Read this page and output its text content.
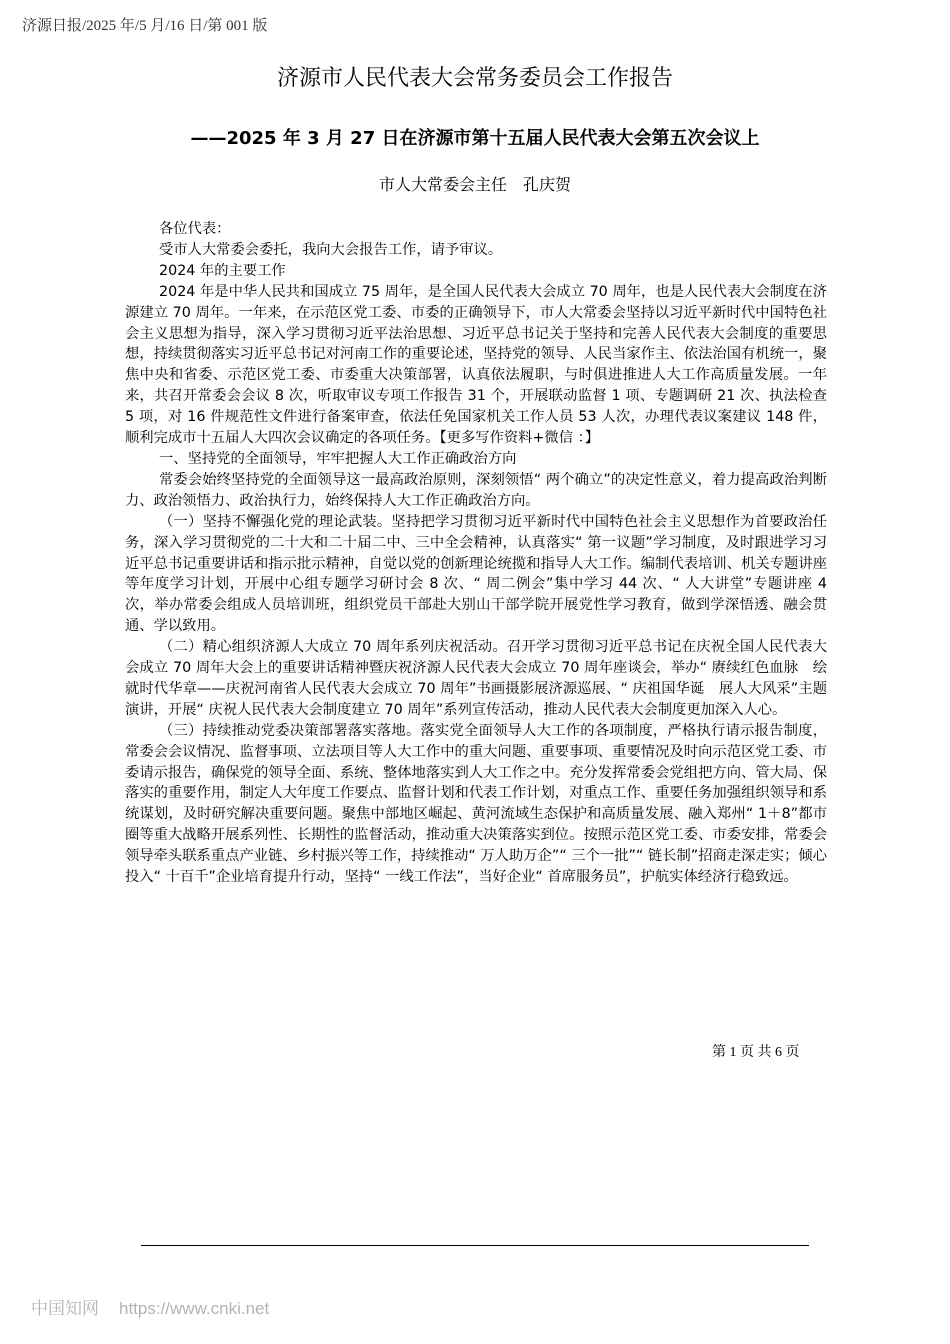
济源日报/2025 年/5 月/16 日/第 001 版
济源市人民代表大会常务委员会工作报告
——2025 年 3 月 27 日在济源市第十五届人民代表大会第五次会议上
市人大常委会主任　孔庆贺

各位代表：

受市人大常委会委托，我向大会报告工作，请予审议。

2024 年的主要工作

2024 年是中华人民共和国成立 75 周年，是全国人民代表大会成立 70 周年，也是人民代表大会制度在济源建立 70 周年。一年来，在示范区党工委、市委的正确领导下，市人大常委会坚持以习近平新时代中国特色社会主义思想为指导，深入学习贯彻习近平法治思想、习近平总书记关于坚持和完善人民代表大会制度的重要思想，持续贯彻落实习近平总书记对河南工作的重要论述，坚持党的领导、人民当家作主、依法治国有机统一，聚焦中央和省委、示范区党工委、市委重大决策部署，认真依法履职，与时俱进推进人大工作高质量发展。一年来，共召开常委会会议 8 次，听取审议专项工作报告 31 个，开展联动监督 1 项、专题调研 21 次、执法检查 5 项，对 16 件规范性文件进行备案审查，依法任免国家机关工作人员 53 人次，办理代表议案建议 148 件，顺利完成市十五届人大四次会议确定的各项任务。【更多写作资料+微信 ：】

一、坚持党的全面领导，牢牢把握人大工作正确政治方向

常委会始终坚持党的全面领导这一最高政治原则，深刻领悟“ 两个确立”的决定性意义，着力提高政治判断力、政治领悟力、政治执行力，始终保持人大工作正确政治方向。

（一）坚持不懈强化党的理论武装。坚持把学习贯彻习近平新时代中国特色社会主义思想作为首要政治任务，深入学习贯彻党的二十大和二十届二中、三中全会精神，认真落实“ 第一议题”学习制度，及时跟进学习习近平总书记重要讲话和指示批示精神，自觉以党的创新理论统揽和指导人大工作。编制代表培训、机关专题讲座等年度学习计划，开展中心组专题学习研讨会 8 次、“ 周二例会”集中学习 44 次、“ 人大讲堂”专题讲座 4 次，举办常委会组成人员培训班，组织党员干部赴大别山干部学院开展党性学习教育，做到学深悟透、融会贯通、学以致用。

（二）精心组织济源人大成立 70 周年系列庆祝活动。召开学习贯彻习近平总书记在庆祝全国人民代表大会成立 70 周年大会上的重要讲话精神暨庆祝济源人民代表大会成立 70 周年座谈会，举办“ 赓续红色血脉　绘就时代华章——庆祝河南省人民代表大会成立 70 周年”书画摄影展济源巡展、“ 庆祖国华诞　展人大风采”主题演讲，开展“ 庆祝人民代表大会制度建立 70 周年”系列宣传活动，推动人民代表大会制度更加深入人心。

（三）持续推动党委决策部署落实落地。落实党全面领导人大工作的各项制度，严格执行请示报告制度，常委会会议情况、监督事项、立法项目等人大工作中的重大问题、重要事项、重要情况及时向示范区党工委、市委请示报告，确保党的领导全面、系统、整体地落实到人大工作之中。充分发挥常委会党组把方向、管大局、保落实的重要作用，制定人大年度工作要点、监督计划和代表工作计划，对重点工作、重要任务加强组织领导和系统谋划，及时研究解决重要问题。聚焦中部地区崛起、黄河流域生态保护和高质量发展、融入郑州“ 1＋8”都市圈等重大战略开展系列性、长期性的监督活动，推动重大决策落实到位。按照示范区党工委、市委安排，常委会领导牵头联系重点产业链、乡村振兴等工作，持续推动“ 万人助万企”“ 三个一批”“ 链长制”招商走深走实；倾心投入“ 十百千”企业培育提升行动，坚持“ 一线工作法”，当好企业“ 首席服务员”，护航实体经济行稳致远。

第 1 页 共 6 页
中国知网 https://www.cnki.net
